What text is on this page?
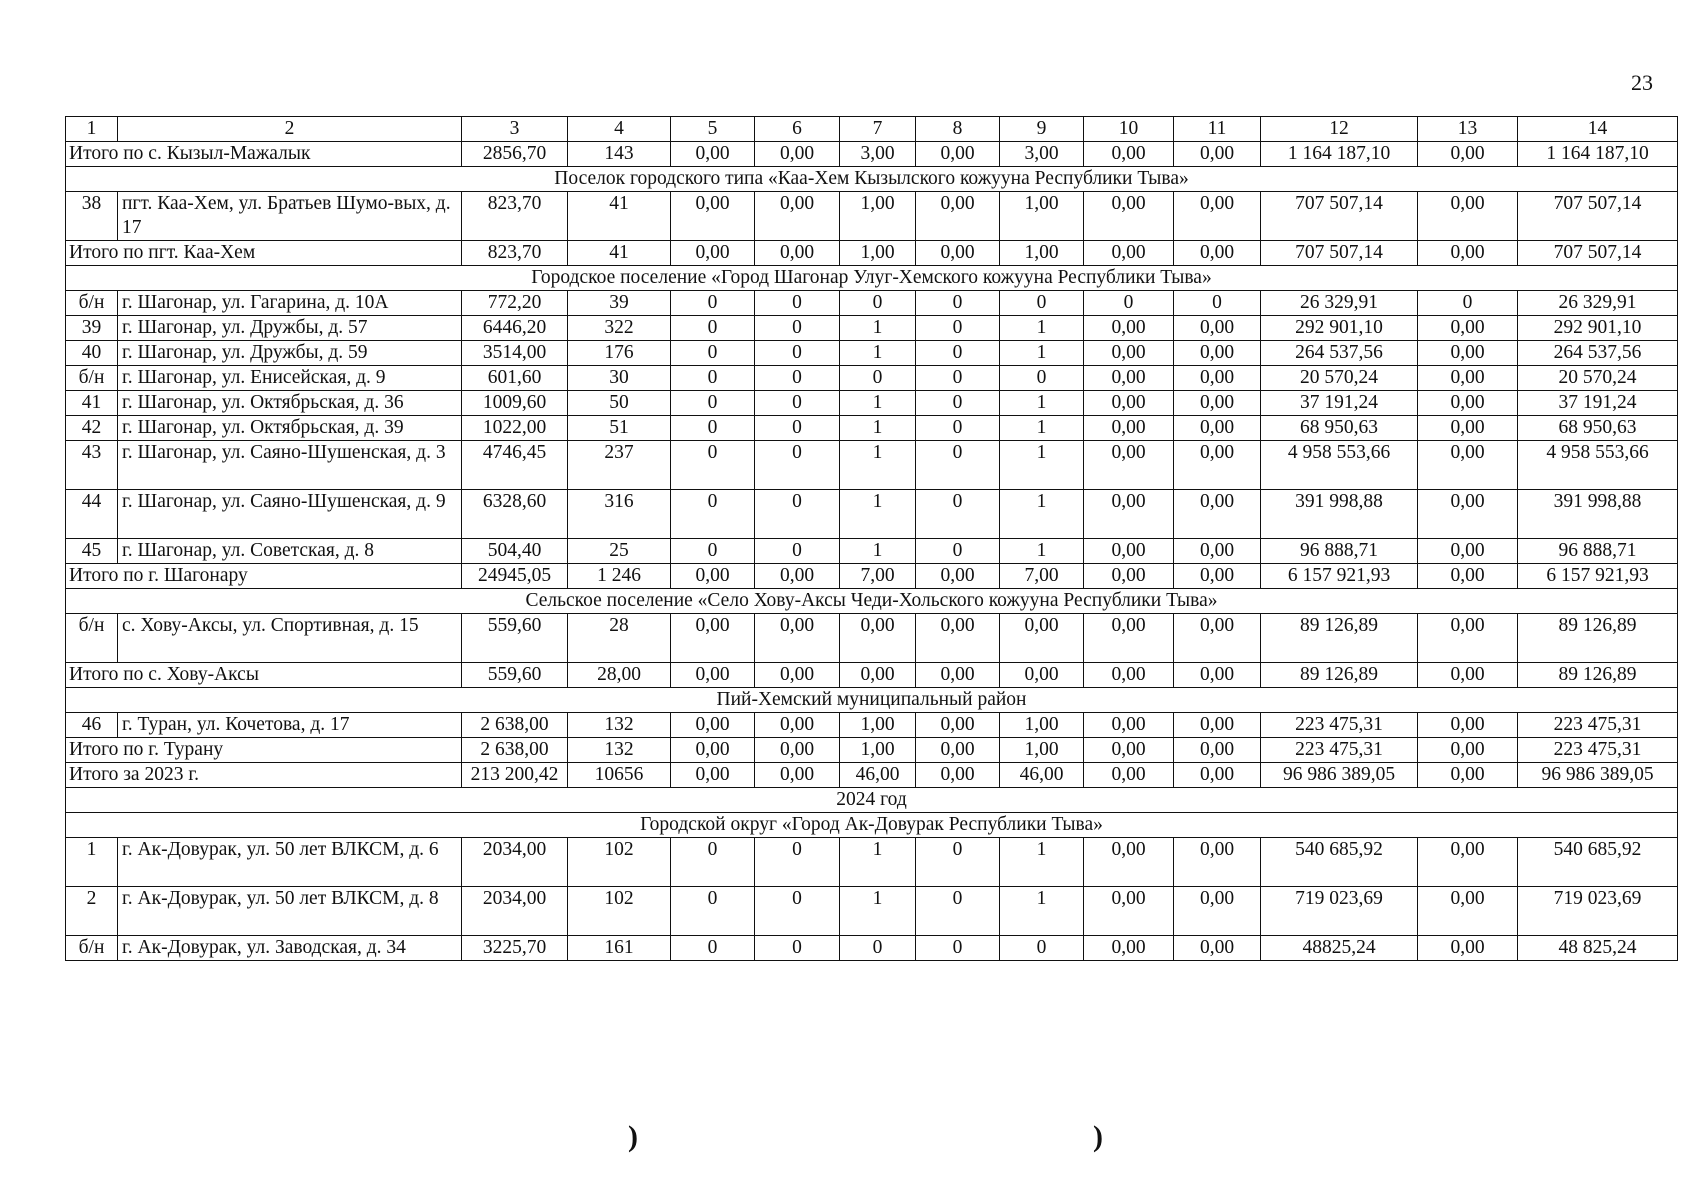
23
1	2	3	4	5	6	7	8	9	10	11	12	13	14
Итого по с. Кызыл-Мажалык		2856,70	143	0,00	0,00	3,00	0,00	3,00	0,00	0,00	1 164 187,10	0,00	1 164 187,10
Поселок городского типа «Каа-Хем Кызылского кожууна Республики Тыва»													
38	пгт. Каа-Хем, ул. Братьев Шумо-вых, д. 17	823,70	41	0,00	0,00	1,00	0,00	1,00	0,00	0,00	707 507,14	0,00	707 507,14
Итого по пгт. Каа-Хем		823,70	41	0,00	0,00	1,00	0,00	1,00	0,00	0,00	707 507,14	0,00	707 507,14
Городское поселение «Город Шагонар Улуг-Хемского кожууна Республики Тыва»													
б/н	г. Шагонар, ул. Гагарина, д. 10А	772,20	39	0	0	0	0	0	0	0	26 329,91	0	26 329,91
39	г. Шагонар, ул. Дружбы, д. 57	6446,20	322	0	0	1	0	1	0,00	0,00	292 901,10	0,00	292 901,10
40	г. Шагонар, ул. Дружбы, д. 59	3514,00	176	0	0	1	0	1	0,00	0,00	264 537,56	0,00	264 537,56
б/н	г. Шагонар, ул. Енисейская, д. 9	601,60	30	0	0	0	0	0	0,00	0,00	20 570,24	0,00	20 570,24
41	г. Шагонар, ул. Октябрьская, д. 36	1009,60	50	0	0	1	0	1	0,00	0,00	37 191,24	0,00	37 191,24
42	г. Шагонар, ул. Октябрьская, д. 39	1022,00	51	0	0	1	0	1	0,00	0,00	68 950,63	0,00	68 950,63
43	г. Шагонар, ул. Саяно-Шушенская, д. 3	4746,45	237	0	0	1	0	1	0,00	0,00	4 958 553,66	0,00	4 958 553,66
44	г. Шагонар, ул. Саяно-Шушенская, д. 9	6328,60	316	0	0	1	0	1	0,00	0,00	391 998,88	0,00	391 998,88
45	г. Шагонар, ул. Советская, д. 8	504,40	25	0	0	1	0	1	0,00	0,00	96 888,71	0,00	96 888,71
Итого по г. Шагонару		24945,05	1 246	0,00	0,00	7,00	0,00	7,00	0,00	0,00	6 157 921,93	0,00	6 157 921,93
Сельское поселение «Село Хову-Аксы Чеди-Хольского кожууна Республики Тыва»													
б/н	с. Хову-Аксы, ул. Спортивная, д. 15	559,60	28	0,00	0,00	0,00	0,00	0,00	0,00	0,00	89 126,89	0,00	89 126,89
Итого по с. Хову-Аксы		559,60	28,00	0,00	0,00	0,00	0,00	0,00	0,00	0,00	89 126,89	0,00	89 126,89
Пий-Хемский муниципальный район													
46	г. Туран, ул. Кочетова, д. 17	2 638,00	132	0,00	0,00	1,00	0,00	1,00	0,00	0,00	223 475,31	0,00	223 475,31
Итого по г. Турану		2 638,00	132	0,00	0,00	1,00	0,00	1,00	0,00	0,00	223 475,31	0,00	223 475,31
Итого за 2023 г.		213 200,42	10656	0,00	0,00	46,00	0,00	46,00	0,00	0,00	96 986 389,05	0,00	96 986 389,05
2024 год													
Городской округ «Город Ак-Довурак Республики Тыва»													
1	г. Ак-Довурак, ул. 50 лет ВЛКСМ, д. 6	2034,00	102	0	0	1	0	1	0,00	0,00	540 685,92	0,00	540 685,92
2	г. Ак-Довурак, ул. 50 лет ВЛКСМ, д. 8	2034,00	102	0	0	1	0	1	0,00	0,00	719 023,69	0,00	719 023,69
б/н	г. Ак-Довурак, ул. Заводская, д. 34	3225,70	161	0	0	0	0	0	0,00	0,00	48825,24	0,00	48 825,24
)	)
